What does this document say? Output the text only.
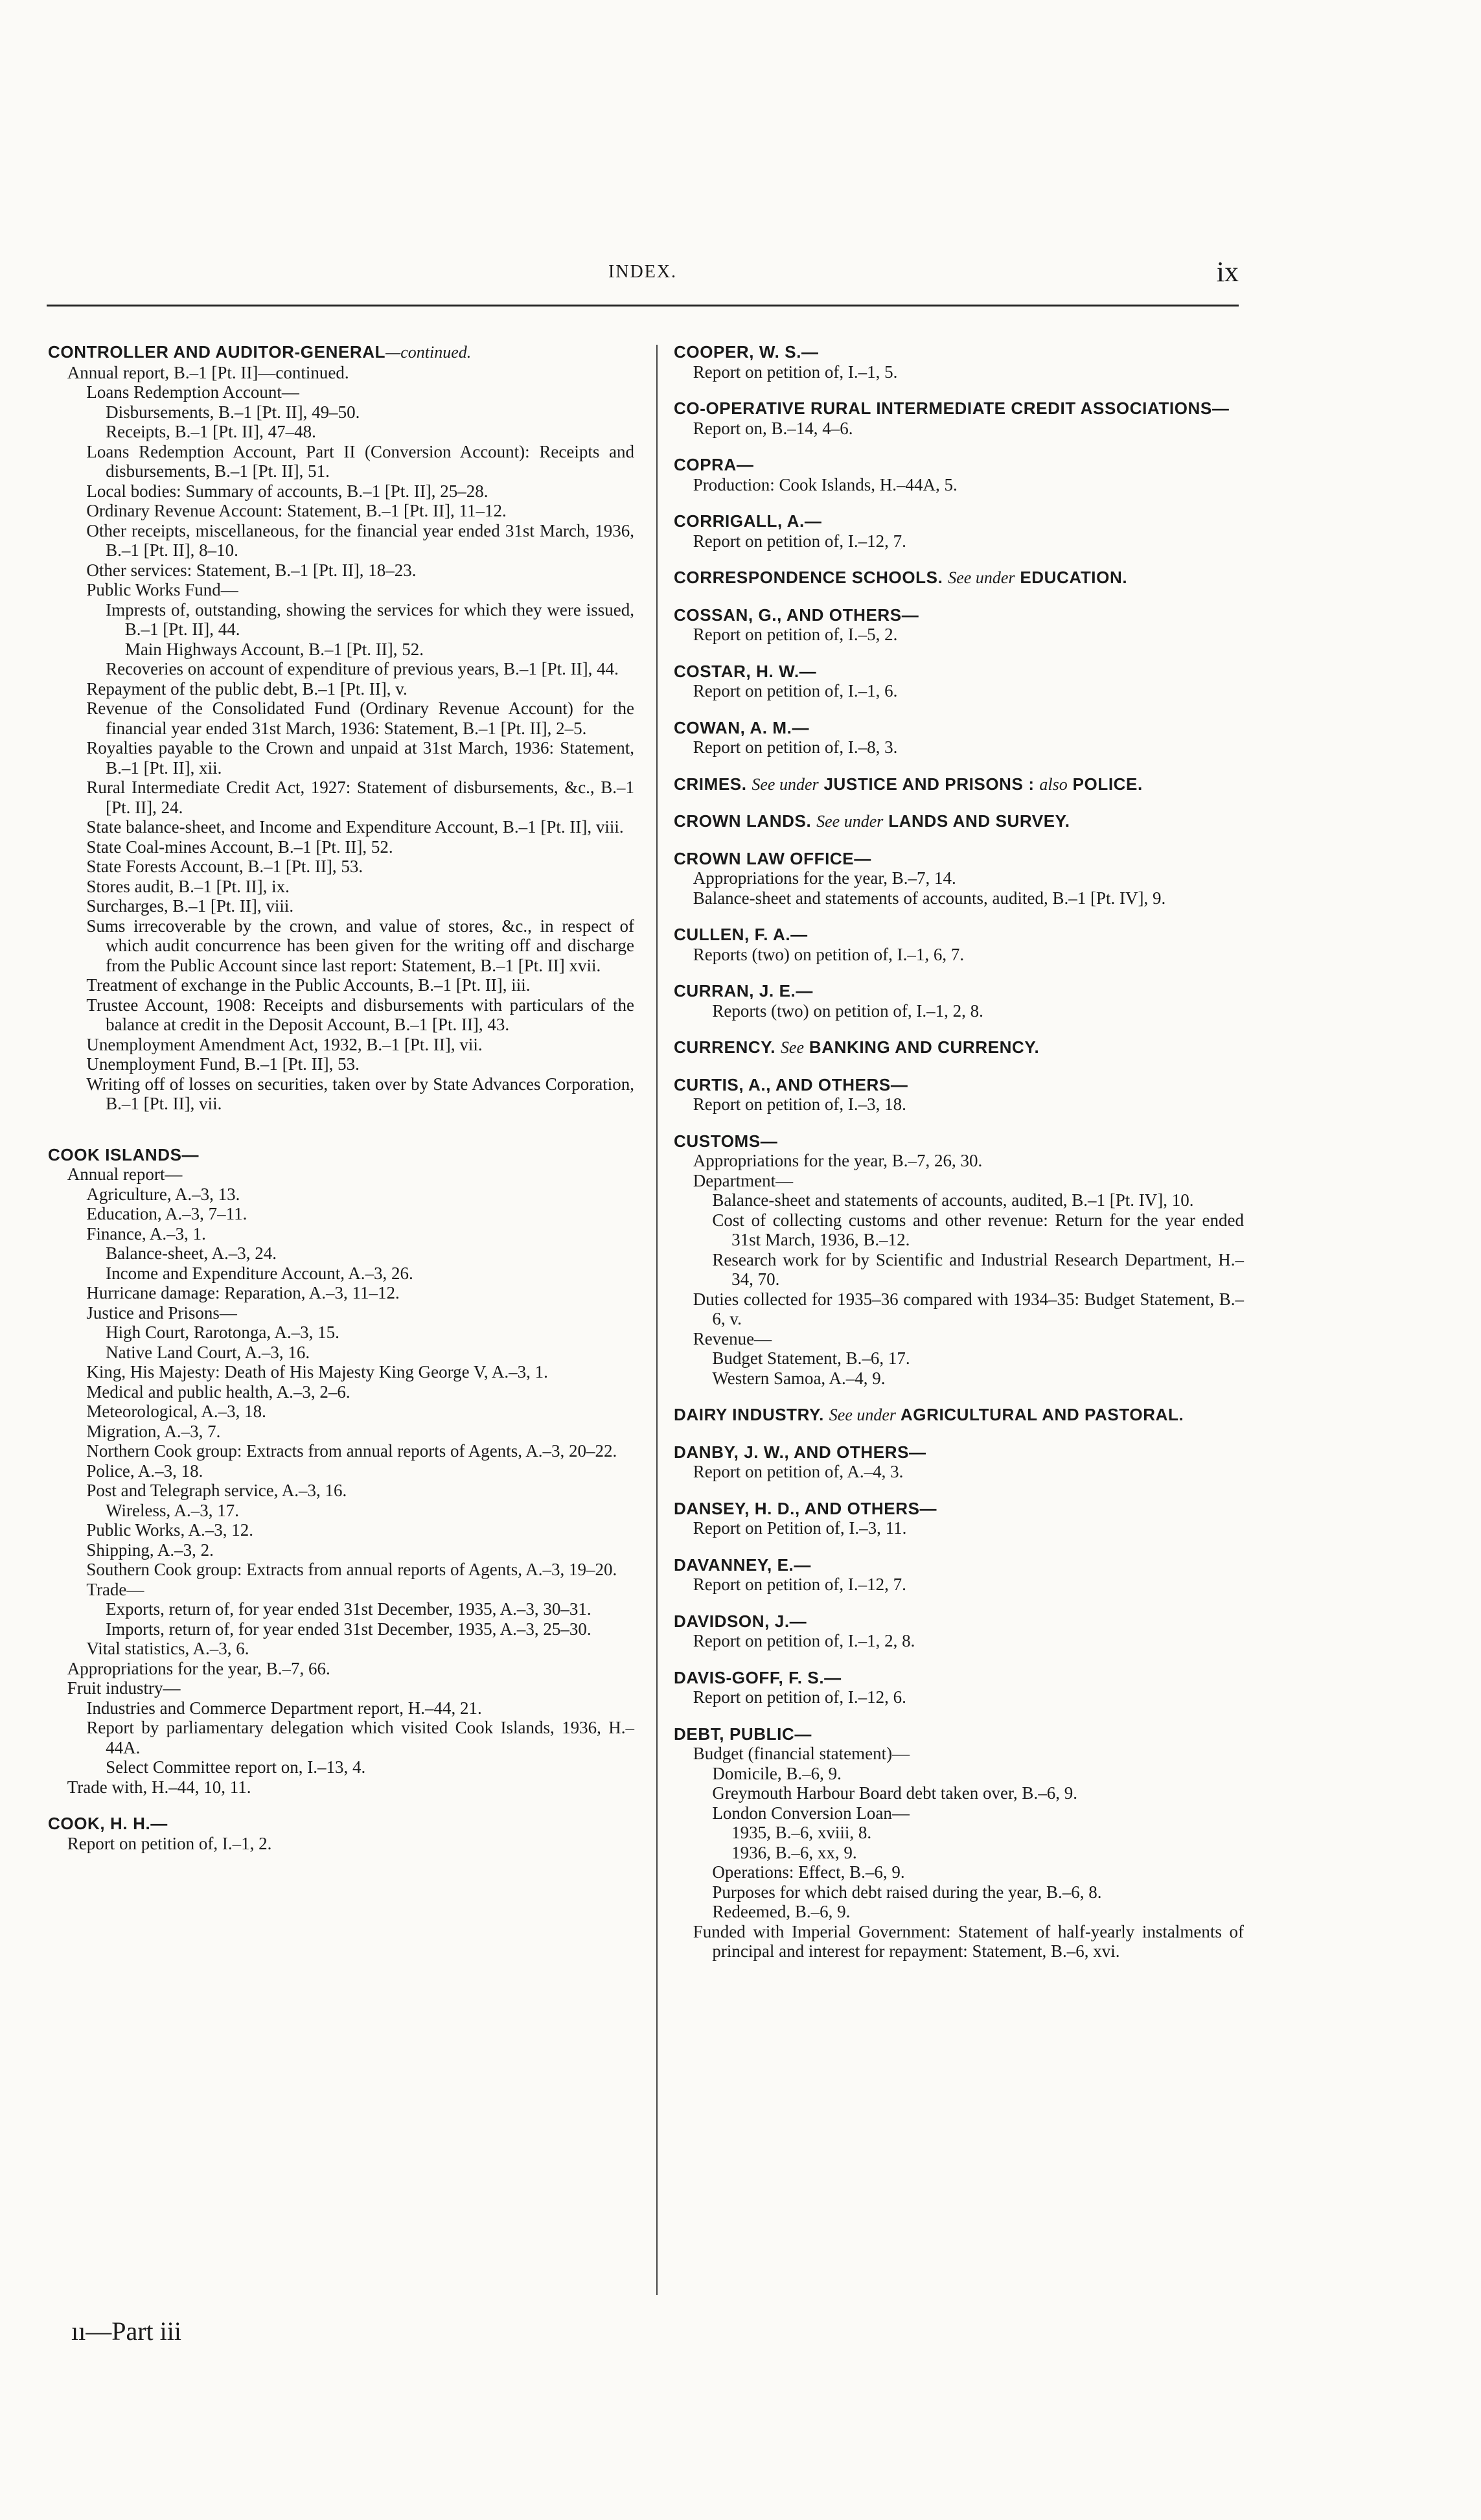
INDEX.	ix
CONTROLLER AND AUDITOR-GENERAL—continued.
Annual report, B.–1 [Pt. II]—continued.
Loans Redemption Account—
Disbursements, B.–1 [Pt. II], 49–50.
Receipts, B.–1 [Pt. II], 47–48.
Loans Redemption Account, Part II (Conversion Account): Receipts and disbursements, B.–1 [Pt. II], 51.
Local bodies: Summary of accounts, B.–1 [Pt. II], 25–28.
Ordinary Revenue Account: Statement, B.–1 [Pt. II], 11–12.
Other receipts, miscellaneous, for the financial year ended 31st March, 1936, B.–1 [Pt. II], 8–10.
Other services: Statement, B.–1 [Pt. II], 18–23.
Public Works Fund—
Imprests of, outstanding, showing the services for which they were issued, B.–1 [Pt. II], 44.
Main Highways Account, B.–1 [Pt. II], 52.
Recoveries on account of expenditure of previous years, B.–1 [Pt. II], 44.
Repayment of the public debt, B.–1 [Pt. II], v.
Revenue of the Consolidated Fund (Ordinary Revenue Account) for the financial year ended 31st March, 1936: Statement, B.–1 [Pt. II], 2–5.
Royalties payable to the Crown and unpaid at 31st March, 1936: Statement, B.–1 [Pt. II], xii.
Rural Intermediate Credit Act, 1927: Statement of disbursements, &c., B.–1 [Pt. II], 24.
State balance-sheet, and Income and Expenditure Account, B.–1 [Pt. II], viii.
State Coal-mines Account, B.–1 [Pt. II], 52.
State Forests Account, B.–1 [Pt. II], 53.
Stores audit, B.–1 [Pt. II], ix.
Surcharges, B.–1 [Pt. II], viii.
Sums irrecoverable by the crown, and value of stores, &c., in respect of which audit concurrence has been given for the writing off and discharge from the Public Account since last report: Statement, B.–1 [Pt. II] xvii.
Treatment of exchange in the Public Accounts, B.–1 [Pt. II], iii.
Trustee Account, 1908: Receipts and disbursements with particulars of the balance at credit in the Deposit Account, B.–1 [Pt. II], 43.
Unemployment Amendment Act, 1932, B.–1 [Pt. II], vii.
Unemployment Fund, B.–1 [Pt. II], 53.
Writing off of losses on securities, taken over by State Advances Corporation, B.–1 [Pt. II], vii.
COOK ISLANDS—
Annual report—
Agriculture, A.–3, 13.
Education, A.–3, 7–11.
Finance, A.–3, 1.
Balance-sheet, A.–3, 24.
Income and Expenditure Account, A.–3, 26.
Hurricane damage: Reparation, A.–3, 11–12.
Justice and Prisons—
High Court, Rarotonga, A.–3, 15.
Native Land Court, A.–3, 16.
King, His Majesty: Death of His Majesty King George V, A.–3, 1.
Medical and public health, A.–3, 2–6.
Meteorological, A.–3, 18.
Migration, A.–3, 7.
Northern Cook group: Extracts from annual reports of Agents, A.–3, 20–22.
Police, A.–3, 18.
Post and Telegraph service, A.–3, 16.
Wireless, A.–3, 17.
Public Works, A.–3, 12.
Shipping, A.–3, 2.
Southern Cook group: Extracts from annual reports of Agents, A.–3, 19–20.
Trade—
Exports, return of, for year ended 31st December, 1935, A.–3, 30–31.
Imports, return of, for year ended 31st December, 1935, A.–3, 25–30.
Vital statistics, A.–3, 6.
Appropriations for the year, B.–7, 66.
Fruit industry—
Industries and Commerce Department report, H.–44, 21.
Report by parliamentary delegation which visited Cook Islands, 1936, H.–44A.
Select Committee report on, I.–13, 4.
Trade with, H.–44, 10, 11.
COOK, H. H.—
Report on petition of, I.–1, 2.
COOPER, W. S.—
Report on petition of, I.–1, 5.
CO-OPERATIVE RURAL INTERMEDIATE CREDIT ASSOCIATIONS—
Report on, B.–14, 4–6.
COPRA—
Production: Cook Islands, H.–44A, 5.
CORRIGALL, A.—
Report on petition of, I.–12, 7.
CORRESPONDENCE SCHOOLS. See under EDUCATION.
COSSAN, G., AND OTHERS—
Report on petition of, I.–5, 2.
COSTAR, H. W.—
Report on petition of, I.–1, 6.
COWAN, A. M.—
Report on petition of, I.–8, 3.
CRIMES. See under JUSTICE AND PRISONS : also POLICE.
CROWN LANDS. See under LANDS AND SURVEY.
CROWN LAW OFFICE—
Appropriations for the year, B.–7, 14.
Balance-sheet and statements of accounts, audited, B.–1 [Pt. IV], 9.
CULLEN, F. A.—
Reports (two) on petition of, I.–1, 6, 7.
CURRAN, J. E.—
Reports (two) on petition of, I.–1, 2, 8.
CURRENCY. See BANKING AND CURRENCY.
CURTIS, A., AND OTHERS—
Report on petition of, I.–3, 18.
CUSTOMS—
Appropriations for the year, B.–7, 26, 30.
Department—
Balance-sheet and statements of accounts, audited, B.–1 [Pt. IV], 10.
Cost of collecting customs and other revenue: Return for the year ended 31st March, 1936, B.–12.
Research work for by Scientific and Industrial Research Department, H.–34, 70.
Duties collected for 1935–36 compared with 1934–35: Budget Statement, B.–6, v.
Revenue—
Budget Statement, B.–6, 17.
Western Samoa, A.–4, 9.
DAIRY INDUSTRY. See under AGRICULTURAL AND PASTORAL.
DANBY, J. W., AND OTHERS—
Report on petition of, A.–4, 3.
DANSEY, H. D., AND OTHERS—
Report on Petition of, I.–3, 11.
DAVANNEY, E.—
Report on petition of, I.–12, 7.
DAVIDSON, J.—
Report on petition of, I.–1, 2, 8.
DAVIS-GOFF, F. S.—
Report on petition of, I.–12, 6.
DEBT, PUBLIC—
Budget (financial statement)—
Domicile, B.–6, 9.
Greymouth Harbour Board debt taken over, B.–6, 9.
London Conversion Loan—
1935, B.–6, xviii, 8.
1936, B.–6, xx, 9.
Operations: Effect, B.–6, 9.
Purposes for which debt raised during the year, B.–6, 8.
Redeemed, B.–6, 9.
Funded with Imperial Government: Statement of half-yearly instalments of principal and interest for repayment: Statement, B.–6, xvi.
ıı—Part iii
